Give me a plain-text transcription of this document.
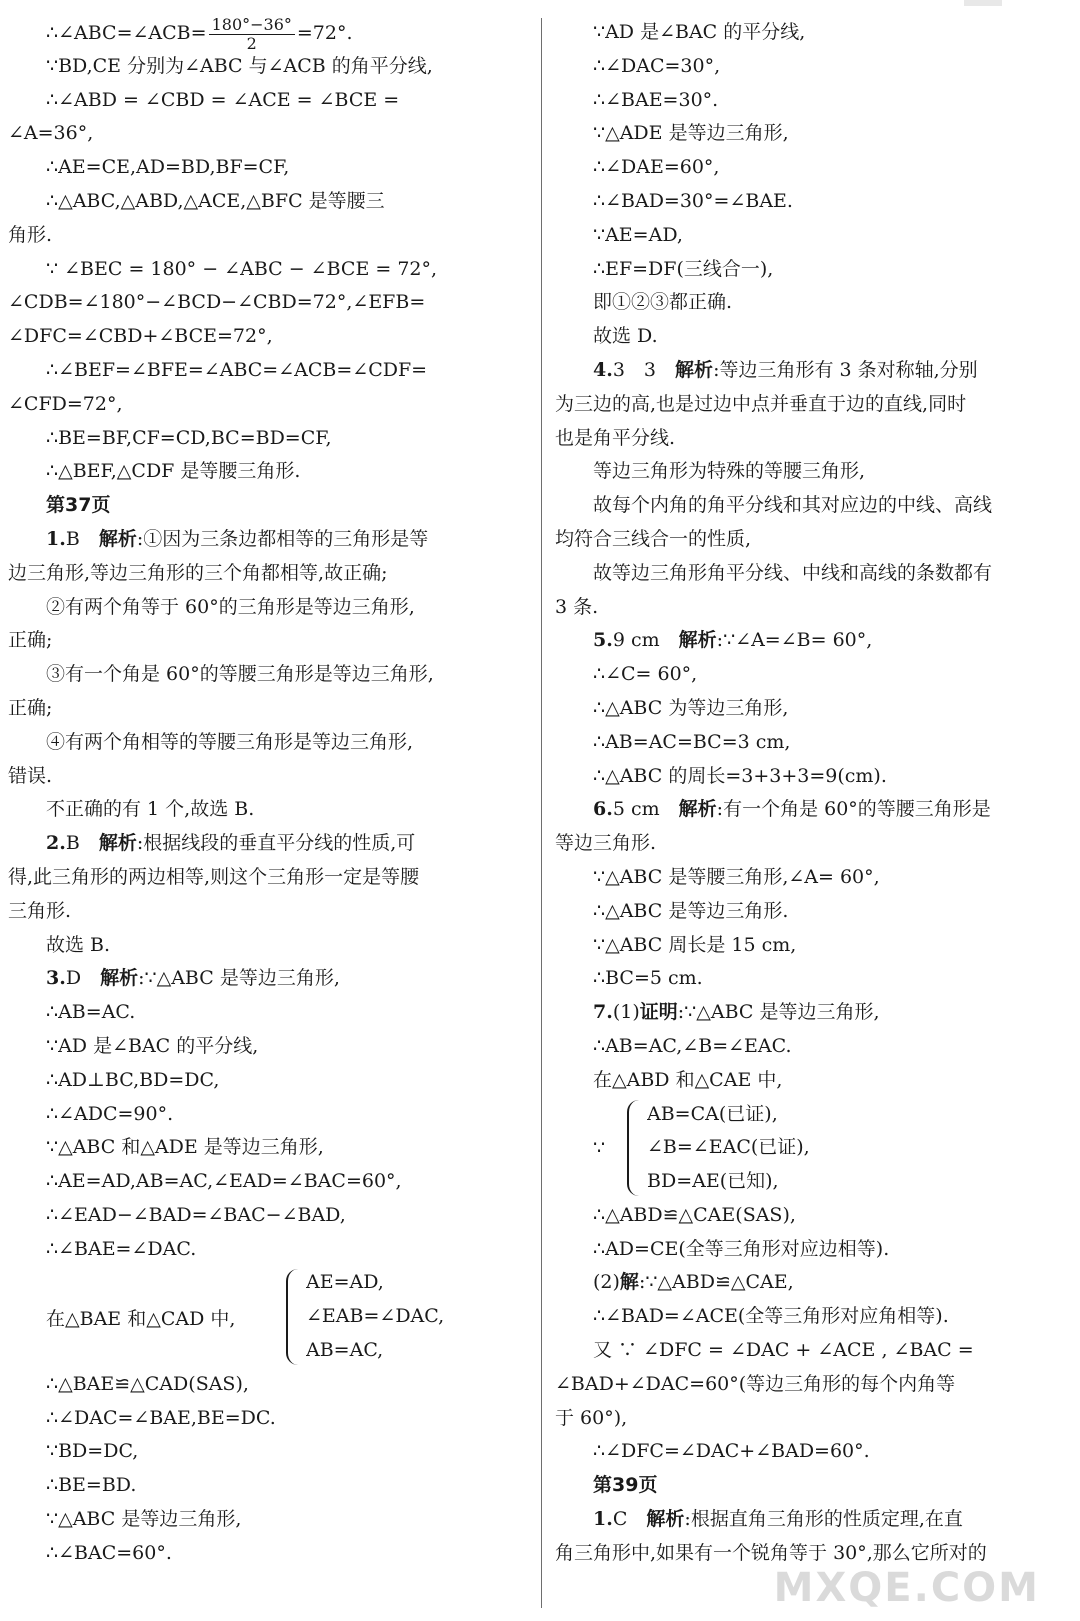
∴∠ABC=∠ACB= $\frac{180^\circ-36^\circ}{2} =72^\circ$.
∵BD,CE 分别为∠ABC 与∠ACB 的角平分线,
∴∠ABD = ∠CBD = ∠ACE = ∠BCE =
∠A=36°,
∴AE=CE,AD=BD,BF=CF,
∴△ABC,△ABD,△ACE,△BFC 是等腰三
角形.
∵ ∠BEC = 180° − ∠ABC − ∠BCE = 72°,
∠CDB=∠180°−∠BCD−∠CBD=72°,∠EFB=
∠DFC=∠CBD+∠BCE=72°,
∴∠BEF=∠BFE=∠ABC=∠ACB=∠CDF=
∠CFD=72°,
∴BE=BF,CF=CD,BC=BD=CF,
∴△BEF,△CDF 是等腰三角形.
第37页
1.B　 解析:①因为三条边都相等的三角形是等
边三角形,等边三角形的三个角都相等,故正确;
②有两个角等于 60°的三角形是等边三角形,
正确;
③有一个角是 60°的等腰三角形是等边三角形,
正确;
④有两个角相等的等腰三角形是等边三角形,
错误.
不正确的有 1 个,故选 B.
2.B　 解析:根据线段的垂直平分线的性质,可
得,此三角形的两边相等,则这个三角形一定是等腰
三角形.
故选 B.
3.D　 解析:∵△ABC 是等边三角形,
∴AB=AC.
∵AD 是∠BAC 的平分线,
∴AD⊥BC,BD=DC,
∴∠ADC=90°.
∵△ABC 和△ADE 是等边三角形,
∴AE=AD,AB=AC,∠EAD=∠BAC=60°,
∴∠EAD−∠BAD=∠BAC−∠BAD,
∴∠BAE=∠DAC.
在△BAE 和△CAD 中,
AE=AD,
∠EAB=∠DAC,
AB=AC,
∴△BAE≌△CAD(SAS),
∴∠DAC=∠BAE,BE=DC.
∵BD=DC,
∴BE=BD.
∵△ABC 是等边三角形,
∴∠BAC=60°.
∵AD 是∠BAC 的平分线,
∴∠DAC=30°,
∴∠BAE=30°.
∵△ADE 是等边三角形,
∴∠DAE=60°,
∴∠BAD=30°=∠BAE.
∵AE=AD,
∴EF=DF(三线合一),
即①②③都正确.
故选 D.
4.3　3　 解析:等边三角形有 3 条对称轴,分别
为三边的高,也是过边中点并垂直于边的直线,同时
也是角平分线.
等边三角形为特殊的等腰三角形,
故每个内角的角平分线和其对应边的中线、高线
均符合三线合一的性质,
故等边三角形角平分线、中线和高线的条数都有
3 条.
5.9 cm　 解析:∵∠A=∠B= 60°,
∴∠C= 60°,
∴△ABC 为等边三角形,
∴AB=AC=BC=3 cm,
∴△ABC 的周长=3+3+3=9(cm).
6.5 cm　 解析:有一个角是 60°的等腰三角形是
等边三角形.
∵△ABC 是等腰三角形,∠A= 60°,
∴△ABC 是等边三角形.
∵△ABC 周长是 15 cm,
∴BC=5 cm.
7.(1)证明:∵△ABC 是等边三角形,
∴AB=AC,∠B=∠EAC.
在△ABD 和△CAE 中,
∵
AB=CA(已证),
∠B=∠EAC(已证),
BD=AE(已知),
∴△ABD≌△CAE(SAS),
∴AD=CE(全等三角形对应边相等).
(2)解:∵△ABD≌△CAE,
∴∠BAD=∠ACE(全等三角形对应角相等).
又 ∵ ∠DFC = ∠DAC + ∠ACE , ∠BAC =
∠BAD+∠DAC=60°(等边三角形的每个内角等
于 60°),
∴∠DFC=∠DAC+∠BAD=60°.
第39页
1.C　 解析:根据直角三角形的性质定理,在直
角三角形中,如果有一个锐角等于 30°,那么它所对的
MXQE.COM
